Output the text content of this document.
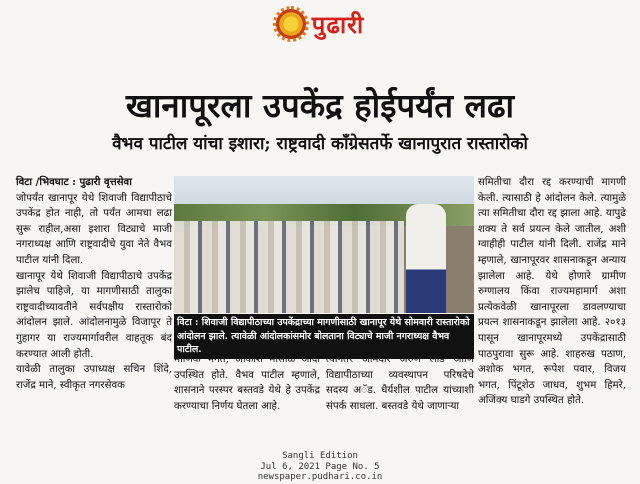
पुढारी
खानापूरला उपकेंद्र होईपर्यंत लढा
वैभव पाटील यांचा इशारा; राष्ट्रवादी काँग्रेसतर्फे खानापुरात रास्तारोको

विटा /भिवघाट : पुढारी वृत्तसेवा

जोपर्यंत खानापूर येथे शिवाजी विद्यापीठाचे उपकेंद्र होत नाही, तो पर्यंत आमचा लढा सुरू राहील,असा इशारा विट्याचे माजी नगराध्यक्ष आणि राष्ट्रवादीचे युवा नेते वैभव पाटील यांनी दिला.

खानापूर येथे शिवाजी विद्यापीठाचे उपकेंद्र झालेच पाहिजे, या मागणीसाठी तालुका राष्ट्रवादीच्यावतीने सर्वपक्षीय रास्तारोको आंदोलन झाले. आंदोलनामुळे विजापूर ते गुहागर या राज्यमार्गावरील वाहतूक बंद करण्यात आली होती.

यावेळी तालुका उपाध्यक्ष सचिन शिंदे, राजेंद्र माने, स्वीकृत नगरसेवक

विटा : शिवाजी विद्यापीठाच्या उपकेंद्राच्या मागणीसाठी खानापूर येथे सोमवारी रास्तारोको आंदोलन झाले. त्यावेळी आंदोलकांसमोर बोलताना विट्याचे माजी नगराध्यक्ष वैभव पाटील.
माणिक भगत, आकाश मासाळ आदी उपस्थित होते. वैभव पाटील म्हणाले, शासनाने परस्पर बस्तवडे येथे हे उपकेंद्र करण्याचा निर्णय घेतला आहे.
त्यानंतर आमदार अरुण लाड आणि विद्यापीठाच्या व्यवस्थापन परिषदेचे सदस्य अॅड. धैर्यशील पाटील यांच्याशी संपर्क साधला. बस्तवडे येथे जाणाऱ्या
समितीचा दौरा रद्द करण्याची मागणी केली. त्यासाठी हे आंदोलन केले. त्यामुळे त्या समितीचा दौरा रद्द झाला आहे. यापुढे शक्य ते सर्व प्रयत्न केले जातील, अशी ग्वाहीही पाटील यांनी दिली. राजेंद्र माने म्हणाले, खानापूरवर शासनाकडून अन्याय झालेला आहे. येथे होणारे ग्रामीण रुग्णालय किंवा राज्यमहामार्ग अशा प्रत्येकवेळी खानापूरला डावलण्याचा प्रयत्न शासनाकडून झालेला आहे. २०१३ पासून खानापूरमध्ये उपकेंद्रासाठी पाठपुरावा सुरू आहे. शाहरुख पठाण, अशोक भगत, रूपेश पवार, विजय भगत, पिंटूशेठ जाधव, शुभम हिमरे, अजिंक्य घाडगे उपस्थित होते.
Sangli Edition
Jul 6, 2021 Page No. 5
newspaper.pudhari.co.in
